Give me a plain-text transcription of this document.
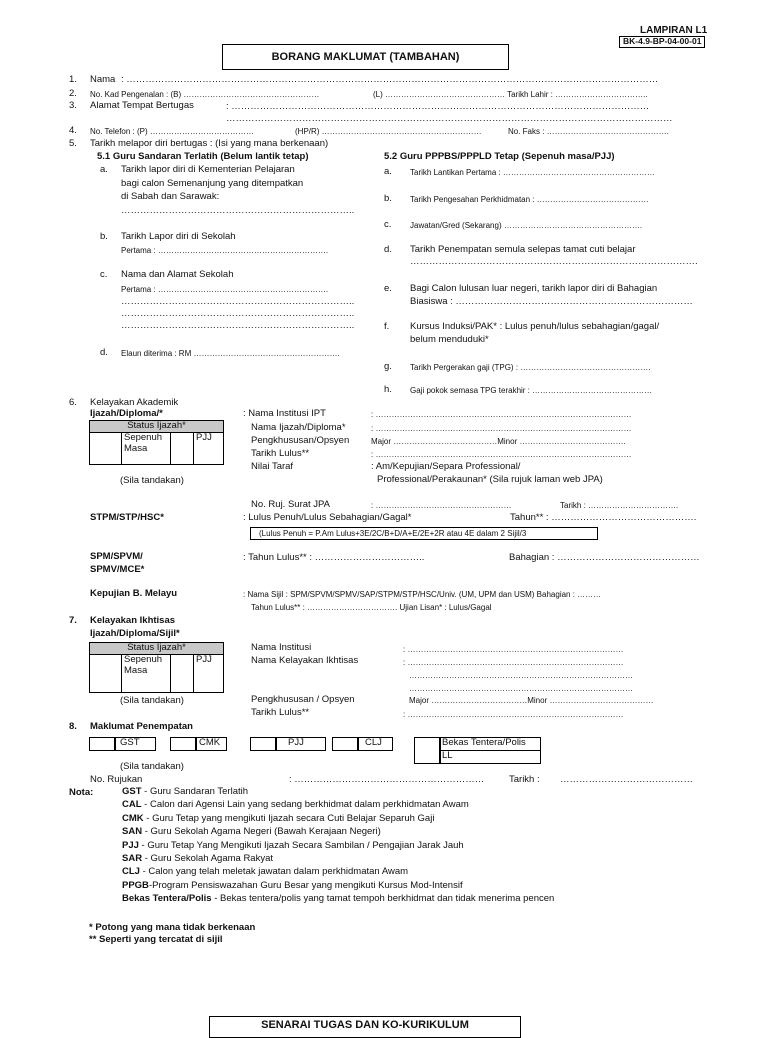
LAMPIRAN L1
BK-4.9-BP-04-00-01
BORANG MAKLUMAT (TAMBAHAN)
1. Nama : ……………………………………………………………………………………………………………………………………………………
2. No. Kad Pengenalan : (B) ……………………………………………	(L) ……………………………………… Tarikh Lahir : ……………………………..
3. Alamat Tempat Bertugas	: ……………………………………………………………………………………………………………………
……………………………………………………………………………………………………………………………
4. No. Telefon : (P) …………………………………	(HP/R) ……………………………………………………	No. Faks : ……………………………………….
5. Tarikh melapor diri bertugas : (Isi yang mana berkenaan)
5.1 Guru Sandaran Terlatih (Belum lantik tetap)
a. Tarikh lapor diri di Kementerian Pelajaran
bagi calon Semenanjung yang ditempatkan
di Sabah dan Sarawak:
………………………………………………………………..
b. Tarikh Lapor diri di Sekolah
Pertama : ……………………………………………………….
c. Nama dan Alamat Sekolah
Pertama : ……………………………………………………….
………………………………………………………………..
………………………………………………………………..
………………………………………………………………..
d. Elaun diterima : RM ……………………………………………….
5.2 Guru PPPBS/PPPLD Tetap (Sepenuh masa/PJJ)
a. Tarikh Lantikan Pertama : …………………………………………………
b. Tarikh Pengesahan Perkhidmatan : ……………………………………
c. Jawatan/Gred (Sekarang) …………………………………………….
d. Tarikh Penempatan semula selepas tamat cuti belajar
……………………………………………………………………………….
e. Bagi Calon lulusan luar negeri, tarikh lapor diri di Bahagian
Biasiswa : …………………………………………………………………
f. Kursus Induksi/PAK* : Lulus penuh/lulus sebahagian/gagal/
belum menduduki*
g. Tarikh Pergerakan gaji (TPG) : ………………………………………….
h. Gaji pokok semasa TPG terakhir : ………………………………………
6. Kelayakan Akademik
Ijazah/Diploma/*
Status Ijazah*
	Sepenuh
Masa		PJJ
(Sila tandakan)
: Nama Institusi IPT	: ……………………………………………………………………………………
Nama Ijazah/Diploma*	: ……………………………………………………………………………………
Pengkhususan/Opsyen	Major …………………………………Minor ………………………………….
Tarikh Lulus**	: ……………………………………………………………………………………
Nilai Taraf	: Am/Kepujian/Separa Professional/
Professional/Perakaunan* (Sila rujuk laman web JPA)
No. Ruj. Surat JPA	: ……………………………………………	Tarikh : …………………………….
STPM/STP/HSC*	: Lulus Penuh/Lulus Sebahagian/Gagal*	Tahun** : ……………………………………….
(Lulus Penuh = P.Am Lulus+3E/2C/B+D/A+E/2E+2R atau 4E dalam 2 Sijil/3
SPM/SPVM/
SPMV/MCE*
: Tahun Lulus** : ……………………………..	Bahagian : ………………………………………
Kepujian B. Melayu	: Nama Sijil : SPM/SPVM/SPMV/SAP/STPM/STP/HSC/Univ. (UM, UPM dan USM) Bahagian : ………
Tahun Lulus** : ……………………………. Ujian Lisan* : Lulus/Gagal
7. Kelayakan Ikhtisas
Ijazah/Diploma/Sijil*
Status Ijazah*
	Sepenuh
Masa		PJJ
(Sila tandakan)
Nama Institusi	: ………………………………………………………………………
Nama Kelayakan Ikhtisas	: ………………………………………………………………………
…………………………………………………………………………
…………………………………………………………………………
Pengkhususan / Opsyen	Major ………………………………Minor …………………………………
Tarikh Lulus**	: ………………………………………………………………………
8. Maklumat Penempatan
GST	CMK	PJJ	CLJ	Bekas Tentera/Polis
LL
(Sila tandakan)
No. Rujukan	: ……………………………………………………	Tarikh : ……………………………………
Nota:	GST - Guru Sandaran Terlatih
CAL - Calon dari Agensi Lain yang sedang berkhidmat dalam perkhidmatan Awam
CMK - Guru Tetap yang mengikuti Ijazah secara Cuti Belajar Separuh Gaji
SAN - Guru Sekolah Agama Negeri (Bawah Kerajaan Negeri)
PJJ - Guru Tetap Yang Mengikuti Ijazah Secara Sambilan / Pengajian Jarak Jauh
SAR - Guru Sekolah Agama Rakyat
CLJ - Calon yang telah meletak jawatan dalam perkhidmatan Awam
PPGB-Program Pensiswazahan Guru Besar yang mengikuti Kursus Mod-Intensif
Bekas Tentera/Polis - Bekas tentera/polis yang tamat tempoh berkhidmat dan tidak menerima pencen
* Potong yang mana tidak berkenaan
** Seperti yang tercatat di sijil
SENARAI TUGAS DAN KO-KURIKULUM
